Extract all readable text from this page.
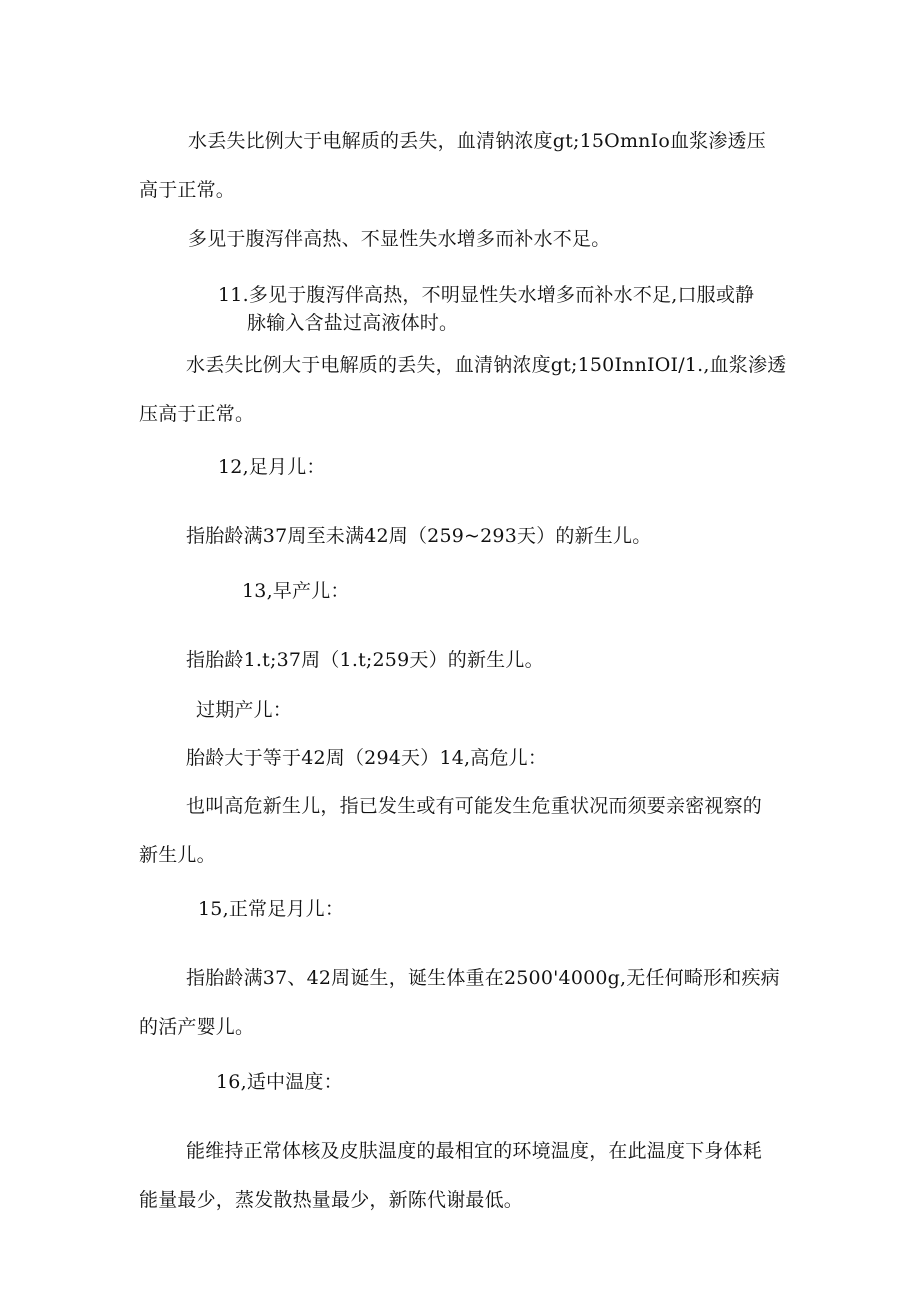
水丢失比例大于电解质的丢失，血清钠浓度gt;15OmnIo血浆渗透压

高于正常。

多见于腹泻伴高热、不显性失水增多而补水不足。

11.多见于腹泻伴高热，不明显性失水增多而补水不足,口服或静

脉输入含盐过高液体时。

水丢失比例大于电解质的丢失，血清钠浓度gt;150InnIOI/1.,血浆渗透

压高于正常。

12,足月儿：

指胎龄满37周至未满42周（259~293天）的新生儿。

13,早产儿：

指胎龄1.t;37周（1.t;259天）的新生儿。

过期产儿：

胎龄大于等于42周（294天）14,高危儿：

也叫高危新生儿，指已发生或有可能发生危重状况而须要亲密视察的

新生儿。

15,正常足月儿：

指胎龄满37、42周诞生，诞生体重在2500'4000g,无任何畸形和疾病

的活产婴儿。

16,适中温度：

能维持正常体核及皮肤温度的最相宜的环境温度，在此温度下身体耗

能量最少，蒸发散热量最少，新陈代谢最低。
